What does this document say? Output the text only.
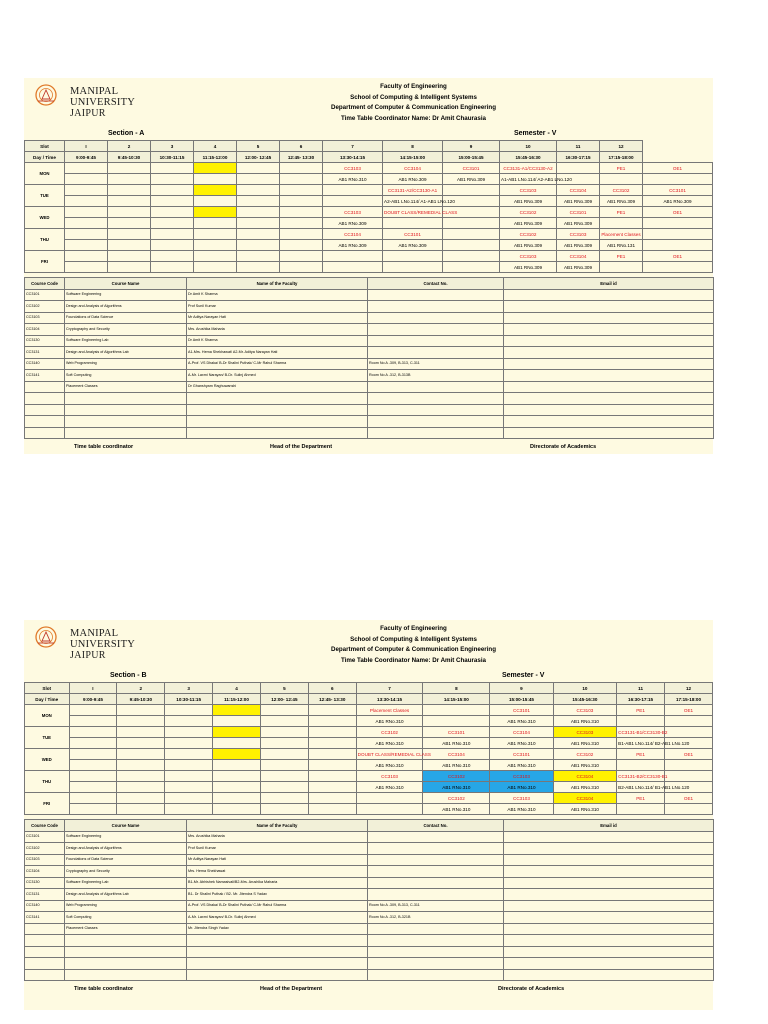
MANIPAL UNIVERSITY
JAIPUR
Faculty of Engineering
School of Computing & Intelligent Systems
Department of Computer & Communication Engineering
Time Table Coordinator Name: Dr Amit Chaurasia
Section - A	Semester - V
Slot	I	2	3	4	5	6	7	8	9	10	11	12	
Day / Time	9:00-9:45	9:45-10:30	10:30-11:15	11:15-12:00	12:00- 12:45	12:45- 13:30	13:30-14:15	14:15-15:00	15:00-15:45	15:45-16:30	16:30-17:15	17:15-18:00	
MON							CC3103	CC3104	CC3101	CC3131-A1/CC3130-A2		PE1	OE1
							AB1 RNo.310	AB1 RNo.309	AB1 RNo.309	A1-AB1 LNo.114/ A2-AB1 LNo.120			
TUE								CC3131-A2/CC3130-A1		CC3103	CC3104	CC3102	CC3101
								A2-AB1 LNo.114/ A1-AB1 LNo.120		AB1 RNo.309	AB1 RNo.309	AB1 RNo.309	AB1 RNo.309
WED							CC3103	DOUBT CLASS/REMEDIAL CLASS		CC3102	CC3101	PE1	OE1
							AB1 RNo.309			AB1 RNo.309	AB1 RNo.309		
THU							CC3104	CC3101		CC3102	CC3103	Placement Classes	
							AB1 RNo.309	AB1 RNo.309		AB1 RNo.309	AB1 RNo.309	AB1 RNo.131	
FRI										CC3103	CC3104	PE1	OE1
										AB1 RNo.309	AB1 RNo.309		
Course Code	Course Name	Name of the Faculty	Contact No.	Email id
CC3101	Software Engineering	Dr Amit K Sharma		
CC3102	Design and Analysis of Algorithms	Prof Sunil Kumar		
CC3103	Foundations of Data Science	Mr Aditya Narayan Hati		
CC3104	Cryptography and Security	Mrs. Arushika Maharia		
CC3130	Software Engineering Lab	Dr Amit K Sharma		
CC3131	Design and Analysis of Algorithms Lab	A1-Mrs. Hema Shekhawat/ A2-Mr. Aditya Narayan Hati		
CC3140	Web Programming	A-Prof. VS Dhaka/ B-Dr Shalini Puthak/ C-Mr Rahul Sharma	Room No A -309, B-313, C-311	
CC3141	Soft Computing	A-Mr. Laxmi Narayan/ B-Dr. Sulinj Ahmed	Room No A -312, B-313B	
	Placement Classes	Dr Ghanshyam Raghuwanshi		

Time table coordinator	Head of the Department	Directorate of Academics
MANIPAL UNIVERSITY
JAIPUR
Faculty of Engineering
School of Computing & Intelligent Systems
Department of Computer & Communication Engineering
Time Table Coordinator Name: Dr Amit Chaurasia
Section - B	Semester - V
Slot	I	2	3	4	5	6	7	8	9	10	11	12
Day / Time	9:00-9:45	9:45-10:30	10:30-11:15	11:15-12:00	12:00- 12:45	12:45- 13:30	13:30-14:15	14:15-15:00	15:00-15:45	15:45-16:30	16:30-17:15	17:15-18:00
MON							Placement Classes		CC3101	CC3103	PE1	OE1
							AB1 RNo.310		AB1 RNo.310	AB1 RNo.310		
TUE							CC3102	CC3101	CC3104	CC3103	CC3131-B1/CC3130-B2	
							AB1 RNo.310	AB1 RNo.310	AB1 RNo.310	AB1 RNo.310	B1-AB1 LNo.114/ B2-AB1 LNo.120	
WED							DOUBT CLASS/REMEDIAL CLASS	CC3104	CC3101	CC3102	PE1	OE1
							AB1 RNo.310	AB1 RNo.310	AB1 RNo.310	AB1 RNo.310		
THU							CC3103	CC3102	CC3103	CC3104	CC3131-B2/CC3130-B1	
							AB1 RNo.310	AB1 RNo.310	AB1 RNo.310	AB1 RNo.310	B2-AB1 LNo.114/ B1-AB1 LNo.120	
FRI								CC3102	CC3103	CC3104	PE1	OE1
								AB1 RNo.310	AB1 RNo.310	AB1 RNo.310		
Course Code	Course Name	Name of the Faculty	Contact No.	Email id
CC3101	Software Engineering	Mrs. Arushika Maharia		
CC3102	Design and Analysis of Algorithms	Prof Sunil Kumar		
CC3103	Foundations of Data Science	Mr Aditya Narayan Hati		
CC3104	Cryptography and Security	Mrs. Hema Shekhawat		
CC3130	Software Engineering Lab	B1-Mr. Abhishek Namasivali/B2-Mrs. Arushika Maharia		
CC3131	Design and Analysis of Algorithms Lab	B1- Dr Shalini Puthak / B2- Mr. Jitendra S Yadav		
CC3140	Web Programming	A-Prof. VS Dhaka/ B-Dr Shalini Puthak/ C-Mr Rahul Sharma	Room No A -309, B-313, C-311	
CC3141	Soft Computing	A-Mr. Laxmi Narayan/ B-Dr. Sulinj Ahmed	Room No A -312, B-321B	
	Placement Classes	Mr. Jitendra Singh Yadav		

Time table coordinator	Head of the Department	Directorate of Academics
